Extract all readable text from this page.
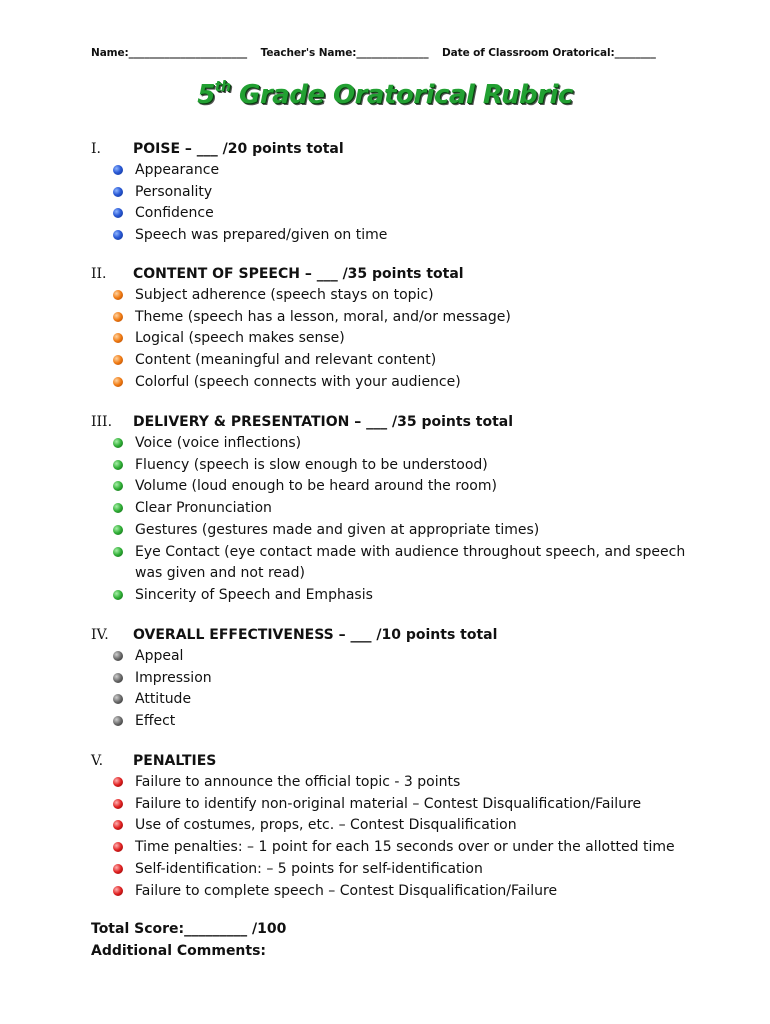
Name:_______________________ Teacher's Name:______________ Date of Classroom Oratorical:________
5th Grade Oratorical Rubric
I.	POISE – ___ /20 points total
Appearance
Personality
Confidence
Speech was prepared/given on time
II.	CONTENT OF SPEECH – ___ /35 points total
Subject adherence (speech stays on topic)
Theme (speech has a lesson, moral, and/or message)
Logical (speech makes sense)
Content (meaningful and relevant content)
Colorful (speech connects with your audience)
III.	DELIVERY & PRESENTATION – ___ /35 points total
Voice (voice inflections)
Fluency (speech is slow enough to be understood)
Volume (loud enough to be heard around the room)
Clear Pronunciation
Gestures (gestures made and given at appropriate times)
Eye Contact (eye contact made with audience throughout speech, and speech was given and not read)
Sincerity of Speech and Emphasis
IV.	OVERALL EFFECTIVENESS – ___ /10 points total
Appeal
Impression
Attitude
Effect
V.	PENALTIES
Failure to announce the official topic - 3 points
Failure to identify non-original material – Contest Disqualification/Failure
Use of costumes, props, etc. – Contest Disqualification
Time penalties: – 1 point for each 15 seconds over or under the allotted time
Self-identification: – 5 points for self-identification
Failure to complete speech – Contest Disqualification/Failure
Total Score:_________ /100
Additional Comments:
